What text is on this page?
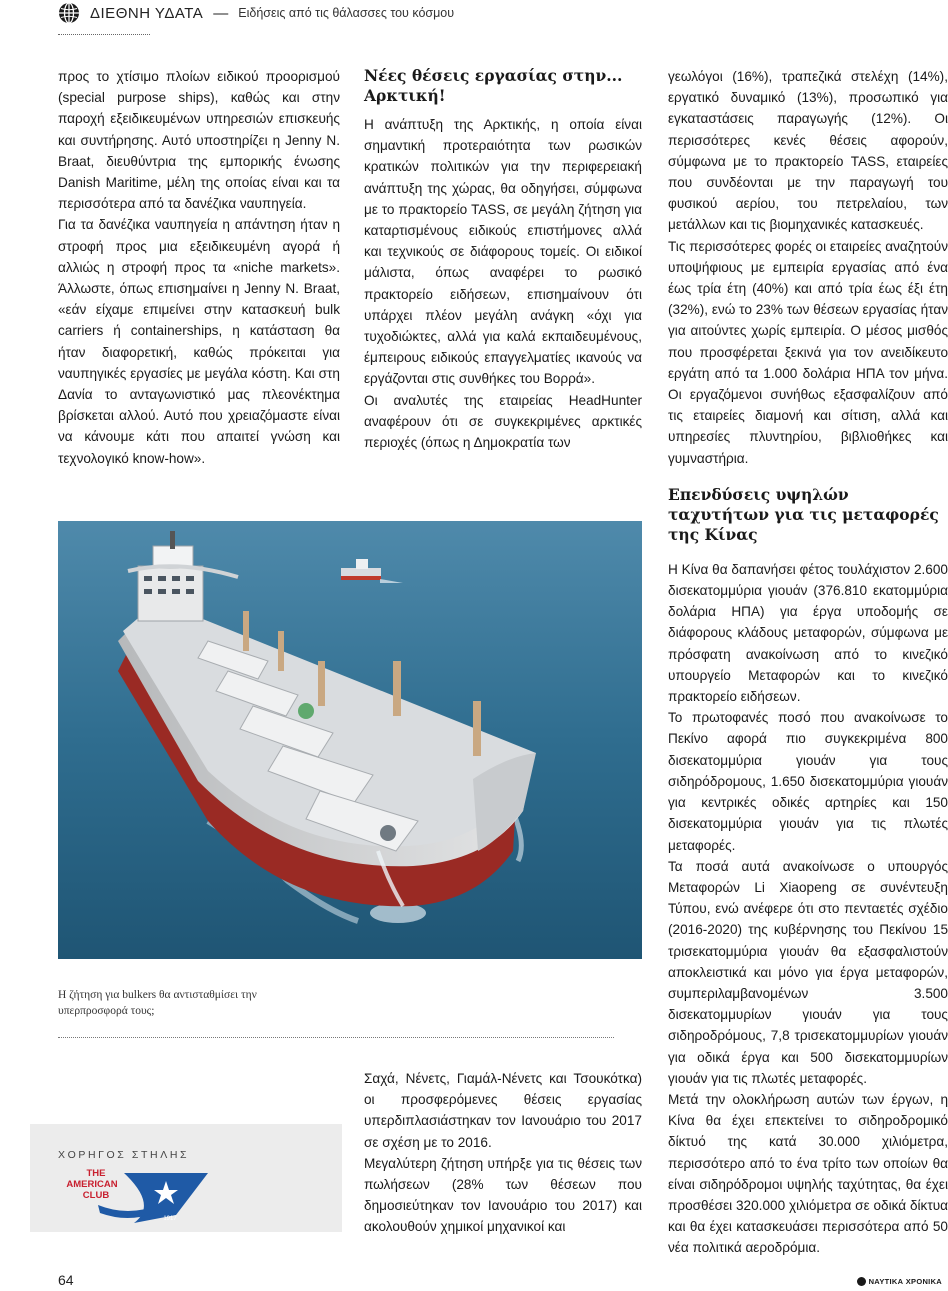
ΔΙΕΘΝΗ ΥΔΑΤΑ — Ειδήσεις από τις θάλασσες του κόσμου

προς το χτίσιμο πλοίων ειδικού προορισμού (special purpose ships), καθώς και στην παροχή εξειδικευμένων υπηρεσιών επισκευής και συντήρησης. Αυτό υποστηρίζει η Jenny N. Braat, διευθύντρια της εμπορικής ένωσης Danish Maritime, μέλη της οποίας είναι και τα περισσότερα από τα δανέζικα ναυπηγεία.

Για τα δανέζικα ναυπηγεία η απάντηση ήταν η στροφή προς μια εξειδικευμένη αγορά ή αλλιώς η στροφή προς τα «niche markets». Άλλωστε, όπως επισημαίνει η Jenny N. Braat, «εάν είχαμε επιμείνει στην κατασκευή bulk carriers ή containerships, η κατάσταση θα ήταν διαφορετική, καθώς πρόκειται για ναυπηγικές εργασίες με μεγάλα κόστη. Και στη Δανία το ανταγωνιστικό μας πλεονέκτημα βρίσκεται αλλού. Αυτό που χρειαζόμαστε είναι να κάνουμε κάτι που απαιτεί γνώση και τεχνολογικό know-how».

Νέες θέσεις εργασίας στην... Αρκτική!

Η ανάπτυξη της Αρκτικής, η οποία είναι σημαντική προτεραιότητα των ρωσικών κρατικών πολιτικών για την περιφερειακή ανάπτυξη της χώρας, θα οδηγήσει, σύμφωνα με το πρακτορείο TASS, σε μεγάλη ζήτηση για καταρτισμένους ειδικούς επιστήμονες αλλά και τεχνικούς σε διάφορους τομείς. Οι ειδικοί μάλιστα, όπως αναφέρει το ρωσικό πρακτορείο ειδήσεων, επισημαίνουν ότι υπάρχει πλέον μεγάλη ανάγκη «όχι για τυχοδιώκτες, αλλά για καλά εκπαιδευμένους, έμπειρους ειδικούς επαγγελματίες ικανούς να εργάζονται στις συνθήκες του Βορρά».

Οι αναλυτές της εταιρείας HeadHunter αναφέρουν ότι σε συγκεκριμένες αρκτικές περιοχές (όπως η Δημοκρατία των

γεωλόγοι (16%), τραπεζικά στελέχη (14%), εργατικό δυναμικό (13%), προσωπικό για εγκαταστάσεις παραγωγής (12%). Οι περισσότερες κενές θέσεις αφορούν, σύμφωνα με το πρακτορείο TASS, εταιρείες που συνδέονται με την παραγωγή του φυσικού αερίου, του πετρελαίου, των μετάλλων και τις βιομηχανικές κατασκευές.

Τις περισσότερες φορές οι εταιρείες αναζητούν υποψήφιους με εμπειρία εργασίας από ένα έως τρία έτη (40%) και από τρία έως έξι έτη (32%), ενώ το 23% των θέσεων εργασίας ήταν για αιτούντες χωρίς εμπειρία. Ο μέσος μισθός που προσφέρεται ξεκινά για τον ανειδίκευτο εργάτη από τα 1.000 δολάρια ΗΠΑ τον μήνα. Οι εργαζόμενοι συνήθως εξασφαλίζουν από τις εταιρείες διαμονή και σίτιση, αλλά και υπηρεσίες πλυντηρίου, βιβλιοθήκες και γυμναστήρια.

Επενδύσεις υψηλών ταχυτήτων για τις μεταφορές της Κίνας

Η Κίνα θα δαπανήσει φέτος τουλάχιστον 2.600 δισεκατομμύρια γιουάν (376.810 εκατομμύρια δολάρια ΗΠΑ) για έργα υποδομής σε διάφορους κλάδους μεταφορών, σύμφωνα με πρόσφατη ανακοίνωση από το κινεζικό υπουργείο Μεταφορών και το κινεζικό πρακτορείο ειδήσεων.

Το πρωτοφανές ποσό που ανακοίνωσε το Πεκίνο αφορά πιο συγκεκριμένα 800 δισεκατομμύρια γιουάν για τους σιδηρόδρομους, 1.650 δισεκατομμύρια γιουάν για κεντρικές οδικές αρτηρίες και 150 δισεκατομμύρια γιουάν για τις πλωτές μεταφορές.

Τα ποσά αυτά ανακοίνωσε ο υπουργός Μεταφορών Li Xiaopeng σε συνέντευξη Τύπου, ενώ ανέφερε ότι στο πενταετές σχέδιο (2016-2020) της κυβέρνησης του Πεκίνου 15 τρισεκατομμύρια γιουάν θα εξασφαλιστούν αποκλειστικά και μόνο για έργα μεταφορών, συμπεριλαμβανομένων 3.500 δισεκατομμυρίων γιουάν για τους σιδηροδρόμους, 7,8 τρισεκατομμυρίων γιουάν για οδικά έργα και 500 δισεκατομμυρίων γιουάν για τις πλωτές μεταφορές.

Μετά την ολοκλήρωση αυτών των έργων, η Κίνα θα έχει επεκτείνει το σιδηροδρομικό δίκτυό της κατά 30.000 χιλιόμετρα, περισσότερο από το ένα τρίτο των οποίων θα είναι σιδηρόδρομοι υψηλής ταχύτητας, θα έχει προσθέσει 320.000 χιλιόμετρα σε οδικά δίκτυα και θα έχει κατασκευάσει περισσότερα από 50 νέα πολιτικά αεροδρόμια.

Η ζήτηση για bulkers θα αντισταθμίσει την υπερπροσφορά τους;

Σαχά, Νένετς, Γιαμάλ-Νένετς και Τσουκότκα) οι προσφερόμενες θέσεις εργασίας υπερδιπλασιάστηκαν τον Ιανουάριο του 2017 σε σχέση με το 2016.

Μεγαλύτερη ζήτηση υπήρξε για τις θέσεις των πωλήσεων (28% των θέσεων που δημοσιεύτηκαν τον Ιανουάριο του 2017) και ακολουθούν χημικοί μηχανικοί και

ΧΟΡΗΓΟΣ ΣΤΗΛΗΣ
THE
AMERICAN
CLUB
1917
64	ΝΑΥΤΙΚΑ ΧΡΟΝΙΚΑ
